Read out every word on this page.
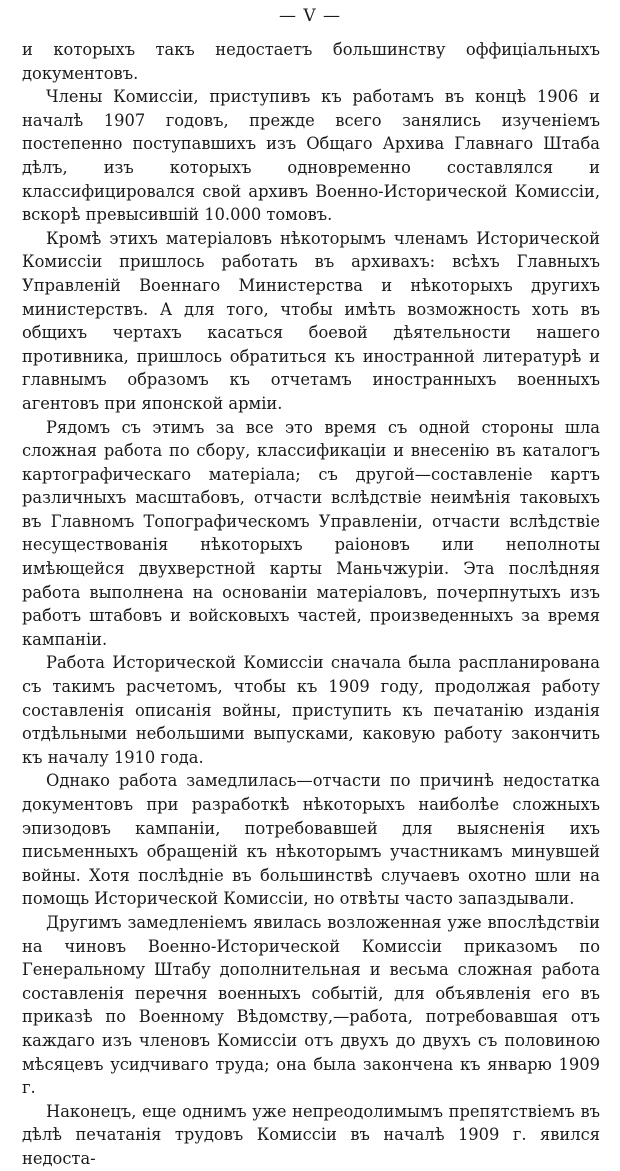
— V —

и которыхъ такъ недостаетъ большинству оффиціальныхъ документовъ.

Члены Комиссіи, приступивъ къ работамъ въ концѣ 1906 и началѣ 1907 годовъ, прежде всего занялись изученіемъ постепенно поступавшихъ изъ Общаго Архива Главнаго Штаба дѣлъ, изъ которыхъ одновременно составлялся и классифицировался свой архивъ Военно-Исторической Комиссіи, вскорѣ превысившій 10.000 томовъ.

Кромѣ этихъ матеріаловъ нѣкоторымъ членамъ Исторической Комиссіи пришлось работать въ архивахъ: всѣхъ Главныхъ Управленій Военнаго Министерства и нѣкоторыхъ другихъ министерствъ. А для того, чтобы имѣть возможность хоть въ общихъ чертахъ касаться боевой дѣятельности нашего противника, пришлось обратиться къ иностранной литературѣ и главнымъ образомъ къ отчетамъ иностранныхъ военныхъ агентовъ при японской арміи.

Рядомъ съ этимъ за все это время съ одной стороны шла сложная работа по сбору, классификаціи и внесенію въ каталогъ картографическаго матеріала; съ другой—составленіе картъ различныхъ масштабовъ, отчасти вслѣдствіе неимѣнія таковыхъ въ Главномъ Топографическомъ Управленіи, отчасти вслѣдствіе несуществованія нѣкоторыхъ раіоновъ или неполноты имѣющейся двухверстной карты Маньчжуріи. Эта послѣдняя работа выполнена на основаніи матеріаловъ, почерпнутыхъ изъ работъ штабовъ и войсковыхъ частей, произведенныхъ за время кампаніи.

Работа Исторической Комиссіи сначала была распланирована съ такимъ расчетомъ, чтобы къ 1909 году, продолжая работу составленія описанія войны, приступить къ печатанію изданія отдѣльными небольшими выпусками, каковую работу закончить къ началу 1910 года.

Однако работа замедлилась—отчасти по причинѣ недостатка документовъ при разработкѣ нѣкоторыхъ наиболѣе сложныхъ эпизодовъ кампаніи, потребовавшей для выясненія ихъ письменныхъ обращеній къ нѣкоторымъ участникамъ минувшей войны. Хотя послѣдніе въ большинствѣ случаевъ охотно шли на помощь Исторической Комиссіи, но отвѣты часто запаздывали.

Другимъ замедленіемъ явилась возложенная уже впослѣдствіи на чиновъ Военно-Исторической Комиссіи приказомъ по Генеральному Штабу дополнительная и весьма сложная работа составленія перечня военныхъ событій, для объявленія его въ приказѣ по Военному Вѣдомству,—работа, потребовавшая отъ каждаго изъ членовъ Комиссіи отъ двухъ до двухъ съ половиною мѣсяцевъ усидчиваго труда; она была закончена къ январю 1909 г.

Наконецъ, еще однимъ уже непреодолимымъ препятствіемъ въ дѣлѣ печатанія трудовъ Комиссіи въ началѣ 1909 г. явился недоста-
